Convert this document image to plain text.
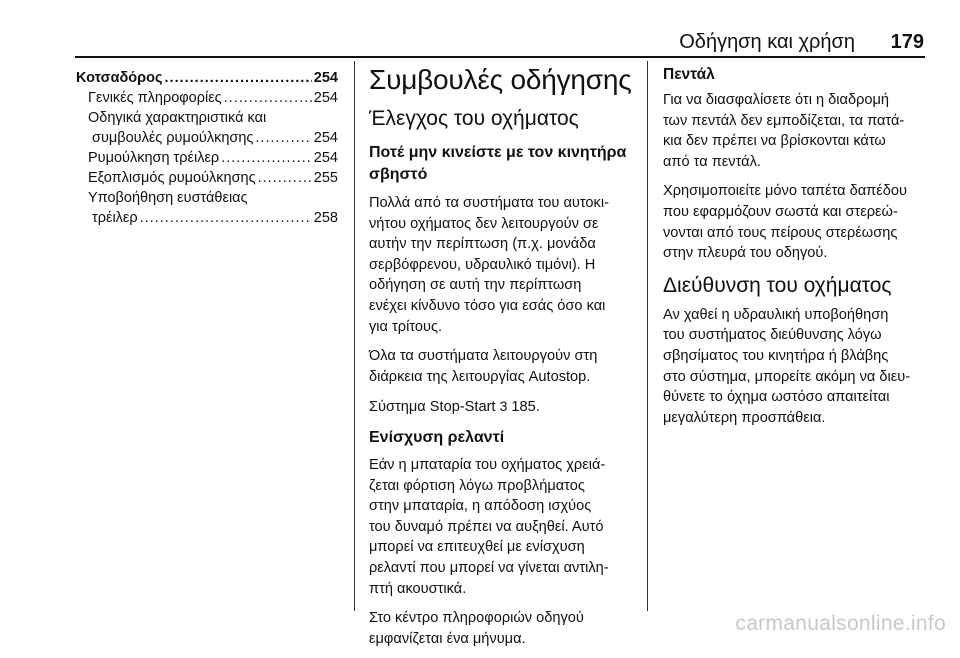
Οδήγηση και χρήση 179
Κοτσαδόρος .....	254
Γενικές πληροφορίες .....	254
Οδηγικά χαρακτηριστικά και
συμβουλές ρυμούλκησης .....	254
Ρυμούλκηση τρέιλερ .....	254
Εξοπλισμός ρυμούλκησης .....	255
Υποβοήθηση ευστάθειας
τρέιλερ .....	258
Συμβουλές οδήγησης
Έλεγχος του οχήματος
Ποτέ μην κινείστε με τον κινητήρα σβηστό

Πολλά από τα συστήματα του αυτοκι-
νήτου οχήματος δεν λειτουργούν σε
αυτήν την περίπτωση (π.χ. μονάδα
σερβόφρενου, υδραυλικό τιμόνι). Η
οδήγηση σε αυτή την περίπτωση
ενέχει κίνδυνο τόσο για εσάς όσο και
για τρίτους.

Όλα τα συστήματα λειτουργούν στη
διάρκεια της λειτουργίας Autostop.

Σύστημα Stop-Start 3 185.

Ενίσχυση ρελαντί

Εάν η μπαταρία του οχήματος χρειά-
ζεται φόρτιση λόγω προβλήματος
στην μπαταρία, η απόδοση ισχύος
του δυναμό πρέπει να αυξηθεί. Αυτό
μπορεί να επιτευχθεί με ενίσχυση
ρελαντί που μπορεί να γίνεται αντιλη-
πτή ακουστικά.

Στο κέντρο πληροφοριών οδηγού
εμφανίζεται ένα μήνυμα.

Πεντάλ

Για να διασφαλίσετε ότι η διαδρομή
των πεντάλ δεν εμποδίζεται, τα πατά-
κια δεν πρέπει να βρίσκονται κάτω
από τα πεντάλ.

Χρησιμοποιείτε μόνο ταπέτα δαπέδου
που εφαρμόζουν σωστά και στερεώ-
νονται από τους πείρους στερέωσης
στην πλευρά του οδηγού.

Διεύθυνση του οχήματος

Αν χαθεί η υδραυλική υποβοήθηση
του συστήματος διεύθυνσης λόγω
σβησίματος του κινητήρα ή βλάβης
στο σύστημα, μπορείτε ακόμη να διευ-
θύνετε το όχημα ωστόσο απαιτείται
μεγαλύτερη προσπάθεια.

carmanualsonline.info
